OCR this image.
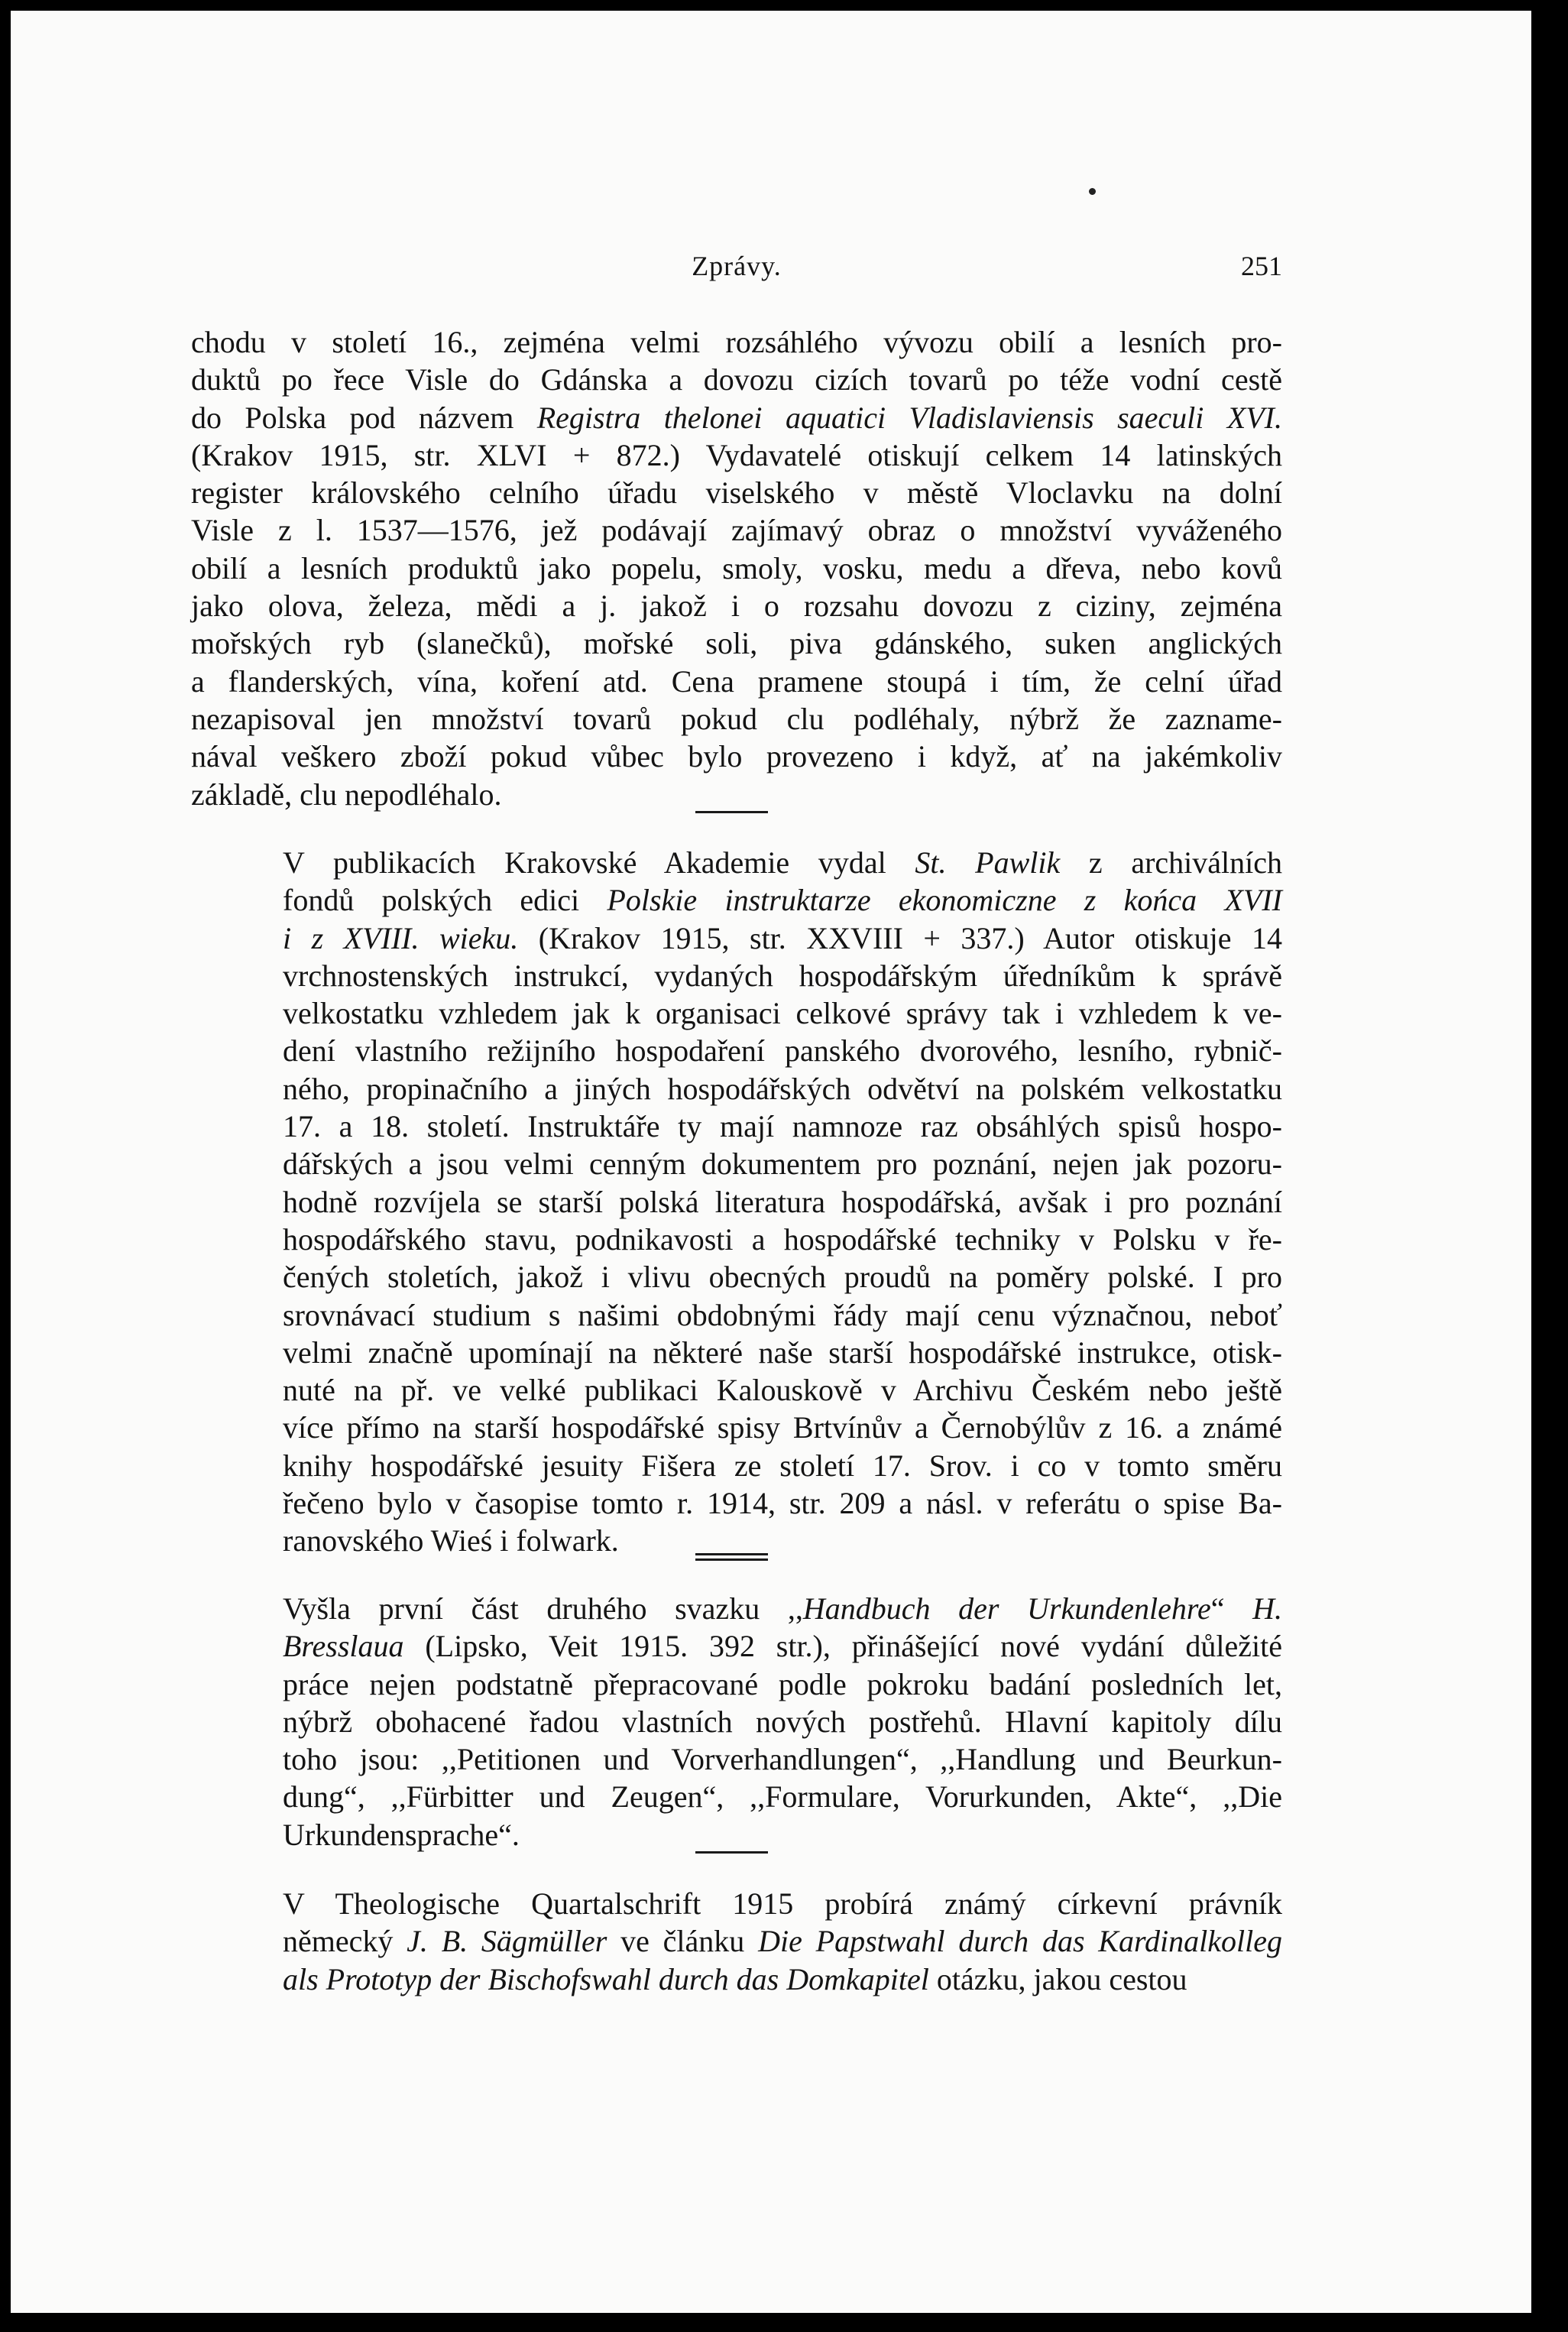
Zprávy.	251
chodu v století 16., zejména velmi rozsáhlého vývozu obilí a lesních pro-
duktů po řece Visle do Gdánska a dovozu cizích tovarů po téže vodní cestě
do Polska pod názvem Registra thelonei aquatici Vladislaviensis saeculi XVI.
(Krakov 1915, str. XLVI + 872.) Vydavatelé otiskují celkem 14 latinských
register královského celního úřadu viselského v městě Vloclavku na dolní
Visle z l. 1537—1576, jež podávají zajímavý obraz o množství vyváženého
obilí a lesních produktů jako popelu, smoly, vosku, medu a dřeva, nebo kovů
jako olova, železa, mědi a j. jakož i o rozsahu dovozu z ciziny, zejména
mořských ryb (slanečků), mořské soli, piva gdánského, suken anglických
a flanderských, vína, koření atd. Cena pramene stoupá i tím, že celní úřad
nezapisoval jen množství tovarů pokud clu podléhaly, nýbrž že zazname-
nával veškero zboží pokud vůbec bylo provezeno i když, ať na jakémkoliv
základě, clu nepodléhalo.
V publikacích Krakovské Akademie vydal St. Pawlik z archiválních
fondů polských edici Polskie instruktarze ekonomiczne z końca XVII
i z XVIII. wieku. (Krakov 1915, str. XXVIII + 337.) Autor otiskuje 14
vrchnostenských instrukcí, vydaných hospodářským úředníkům k správě
velkostatku vzhledem jak k organisaci celkové správy tak i vzhledem k ve-
dení vlastního režijního hospodaření panského dvorového, lesního, rybnič-
ného, propinačního a jiných hospodářských odvětví na polském velkostatku
17. a 18. století. Instruktáře ty mají namnoze raz obsáhlých spisů hospo-
dářských a jsou velmi cenným dokumentem pro poznání, nejen jak pozoru-
hodně rozvíjela se starší polská literatura hospodářská, avšak i pro poznání
hospodářského stavu, podnikavosti a hospodářské techniky v Polsku v ře-
čených stoletích, jakož i vlivu obecných proudů na poměry polské. I pro
srovnávací studium s našimi obdobnými řády mají cenu význačnou, neboť
velmi značně upomínají na některé naše starší hospodářské instrukce, otisk-
nuté na př. ve velké publikaci Kalouskově v Archivu Českém nebo ještě
více přímo na starší hospodářské spisy Brtvínův a Černobýlův z 16. a známé
knihy hospodářské jesuity Fišera ze století 17. Srov. i co v tomto směru
řečeno bylo v časopise tomto r. 1914, str. 209 a násl. v referátu o spise Ba-
ranovského Wieś i folwark.
Vyšla první část druhého svazku ,,Handbuch der Urkundenlehre“ H.
Bresslaua (Lipsko, Veit 1915. 392 str.), přinášející nové vydání důležité
práce nejen podstatně přepracované podle pokroku badání posledních let,
nýbrž obohacené řadou vlastních nových postřehů. Hlavní kapitoly dílu
toho jsou: ,,Petitionen und Vorverhandlungen“, ,,Handlung und Beurkun-
dung“, ,,Fürbitter und Zeugen“, ,,Formulare, Vorurkunden, Akte“, ,,Die
Urkundensprache“.
V Theologische Quartalschrift 1915 probírá známý církevní právník
německý J. B. Sägmüller ve článku Die Papstwahl durch das Kardinalkolleg
als Prototyp der Bischofswahl durch das Domkapitel otázku, jakou cestou
